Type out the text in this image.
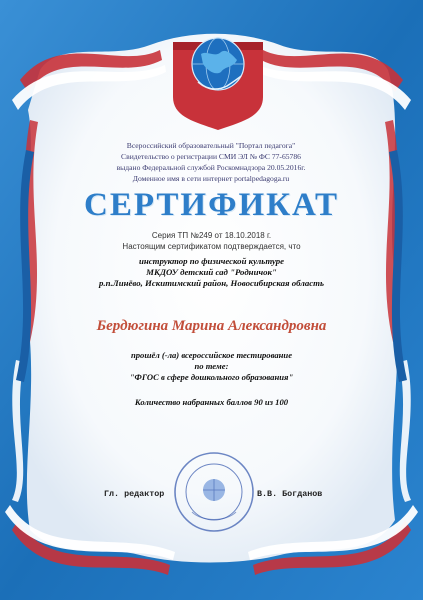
Всероссийский образовательный "Портал педагога"
Свидетельство о регистрации СМИ ЭЛ № ФС 77-65786
выдано Федеральной службой Роскомнадзора 20.05.2016г.
Доменное имя в сети интернет portalpedagoga.ru
СЕРТИФИКАТ
Серия ТП №249 от 18.10.2018 г.
Настоящим сертификатом подтверждается, что
инструктор по физической культуре
МКДОУ детский сад "Родничок"
р.п.Линёво, Искитимский район, Новосибирская область
Бердюгина Марина Александровна
прошёл (-ла) всероссийское тестирование
по теме:
"ФГОС в сфере дошкольного образования"
Количество набранных баллов 90 из 100
Гл. редактор	В.В. Богданов
